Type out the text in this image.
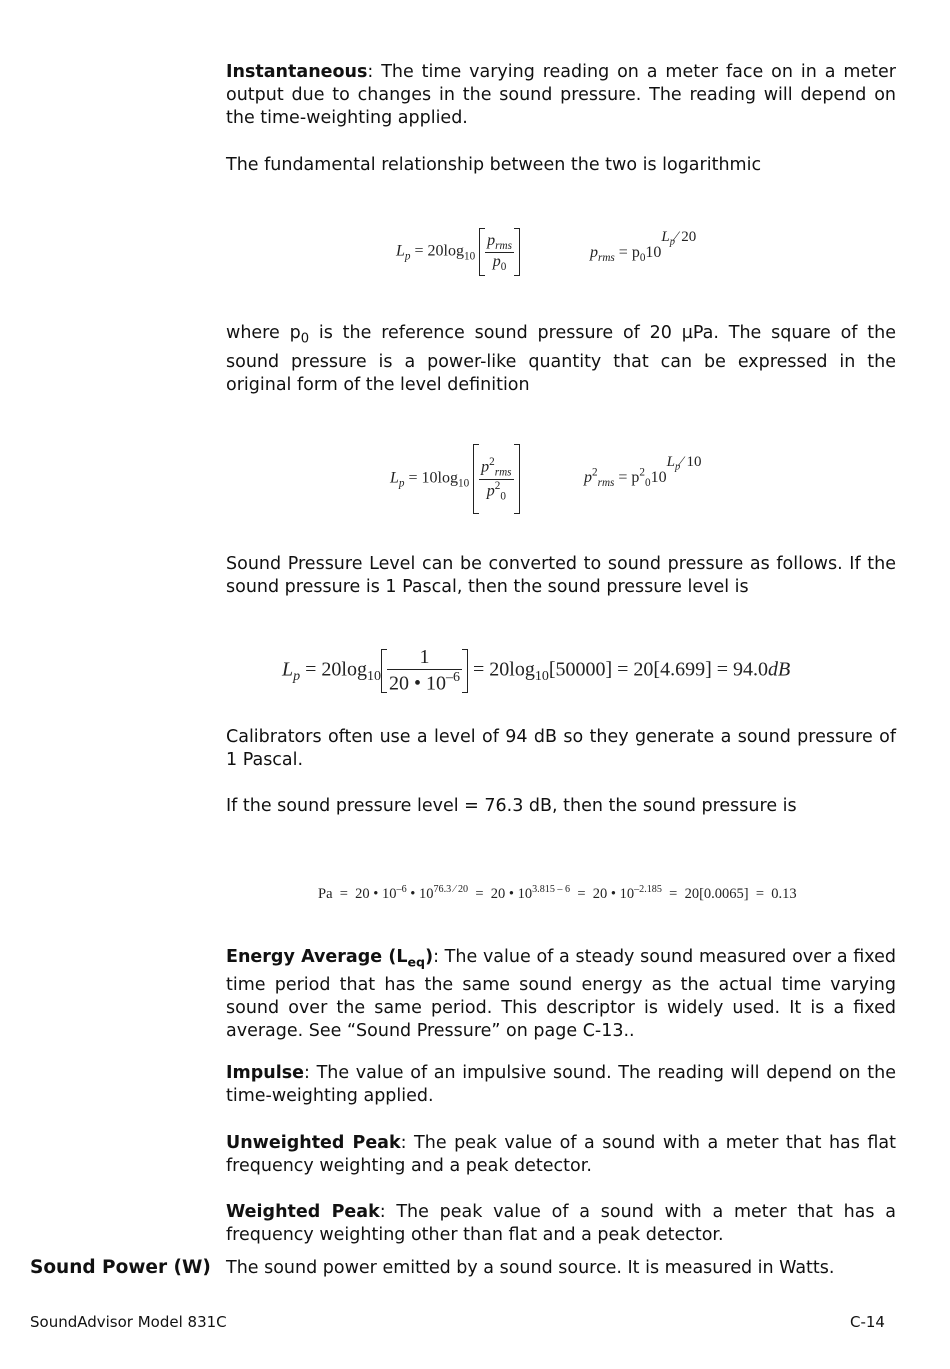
Instantaneous: The time varying reading on a meter face on in a meter output due to changes in the sound pressure. The reading will depend on the time-weighting applied.

The fundamental relationship between the two is logarithmic

$L_p = 20\log_{10} \frac{p_{rms}}{p_0}$	$p_{rms}$ = $p_010L_p⁄$ 20

where $p_0$ is the reference sound pressure of 20 µPa. The square of the sound pressure is a power-like quantity that can be expressed in the original form of the level definition

$L_p = 10\log_{10} \frac{p^2_{rms}}{p^2_0}$	$p^2_{rms}$ = $p^2_010L_p⁄$ 10

Sound Pressure Level can be converted to sound pressure as follows. If the sound pressure is 1 Pascal, then the sound pressure level is

$L_p = 20\log_{10} \frac{1}{20 • 10^{-6}} = 20\log_{10}[50000] = 20[4.699] = 94.0dB$

Calibrators often use a level of 94 dB so they generate a sound pressure of 1 Pascal.

If the sound pressure level = 76.3 dB, then the sound pressure is

Pa  =  20 • $10^{-6}$ • $10^{76.3 ⁄ 20} = 20$ • $10^{3.815 - 6} = 20$ • $10^{-2.185} = 20[0.0065] = 0.13$

Energy Average $(L_{eq})$: The value of a steady sound measured over a fixed time period that has the same sound energy as the actual time varying sound over the same period. This descriptor is widely used. It is a fixed average. See “Sound Pressure” on page C-13..

Impulse: The value of an impulsive sound. The reading will depend on the time-weighting applied.

Unweighted Peak: The peak value of a sound with a meter that has flat frequency weighting and a peak detector.

Weighted Peak: The peak value of a sound with a meter that has a frequency weighting other than flat and a peak detector.

Sound Power (W) The sound power emitted by a sound source. It is measured in Watts.

SoundAdvisor Model 831C	C-14
